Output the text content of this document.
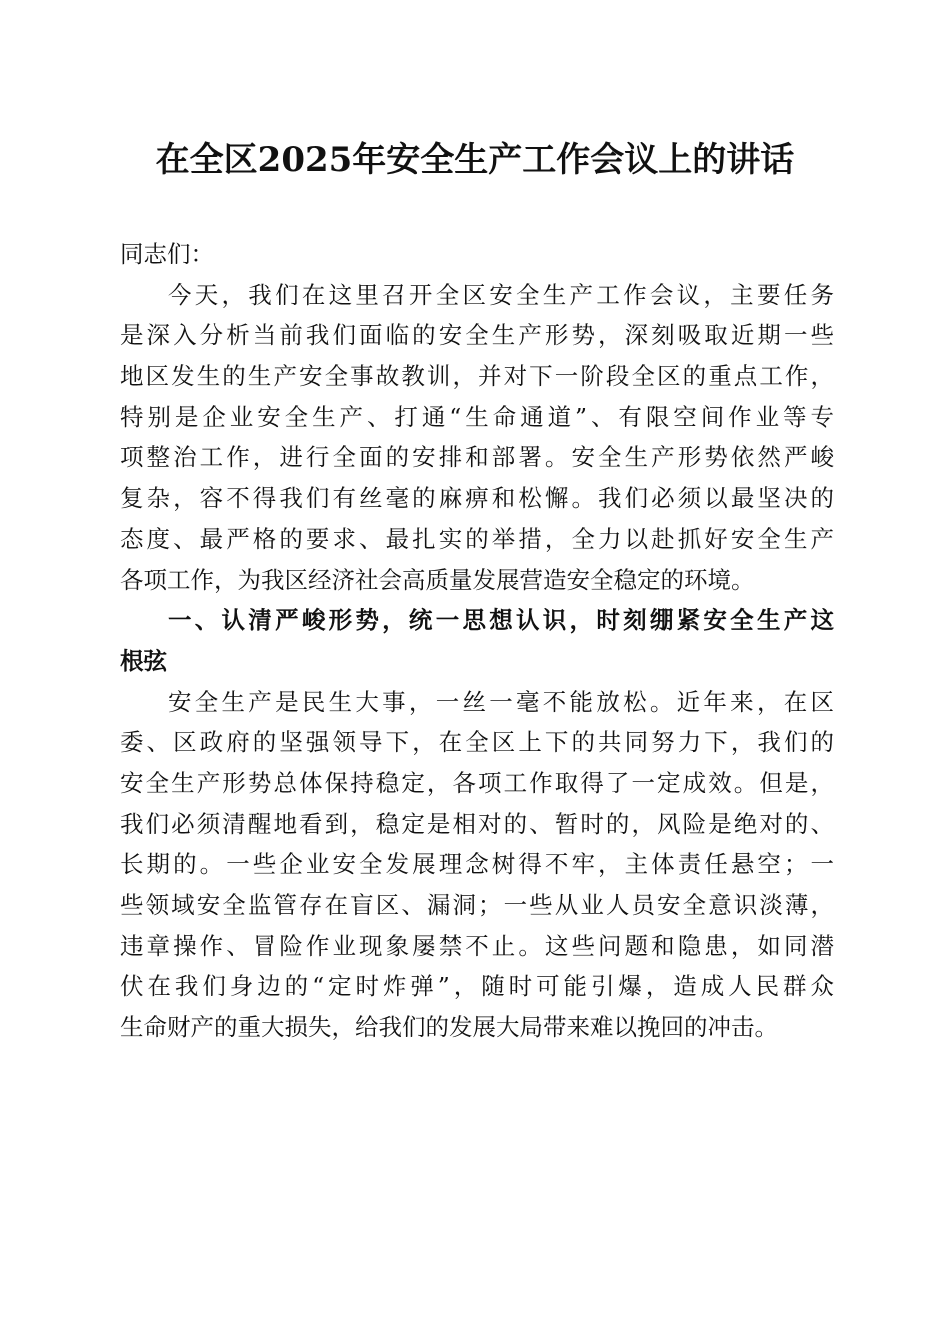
在全区2025年安全生产工作会议上的讲话
同志们：
今天，我们在这里召开全区安全生产工作会议，主要任务
是深入分析当前我们面临的安全生产形势，深刻吸取近期一些
地区发生的生产安全事故教训，并对下一阶段全区的重点工作，
特别是企业安全生产、打通“生命通道”、有限空间作业等专
项整治工作，进行全面的安排和部署。安全生产形势依然严峻
复杂，容不得我们有丝毫的麻痹和松懈。我们必须以最坚决的
态度、最严格的要求、最扎实的举措，全力以赴抓好安全生产
各项工作，为我区经济社会高质量发展营造安全稳定的环境。
一、认清严峻形势，统一思想认识，时刻绷紧安全生产这
根弦
安全生产是民生大事，一丝一毫不能放松。近年来，在区
委、区政府的坚强领导下，在全区上下的共同努力下，我们的
安全生产形势总体保持稳定，各项工作取得了一定成效。但是，
我们必须清醒地看到，稳定是相对的、暂时的，风险是绝对的、
长期的。一些企业安全发展理念树得不牢，主体责任悬空；一
些领域安全监管存在盲区、漏洞；一些从业人员安全意识淡薄，
违章操作、冒险作业现象屡禁不止。这些问题和隐患，如同潜
伏在我们身边的“定时炸弹”，随时可能引爆，造成人民群众
生命财产的重大损失，给我们的发展大局带来难以挽回的冲击。
